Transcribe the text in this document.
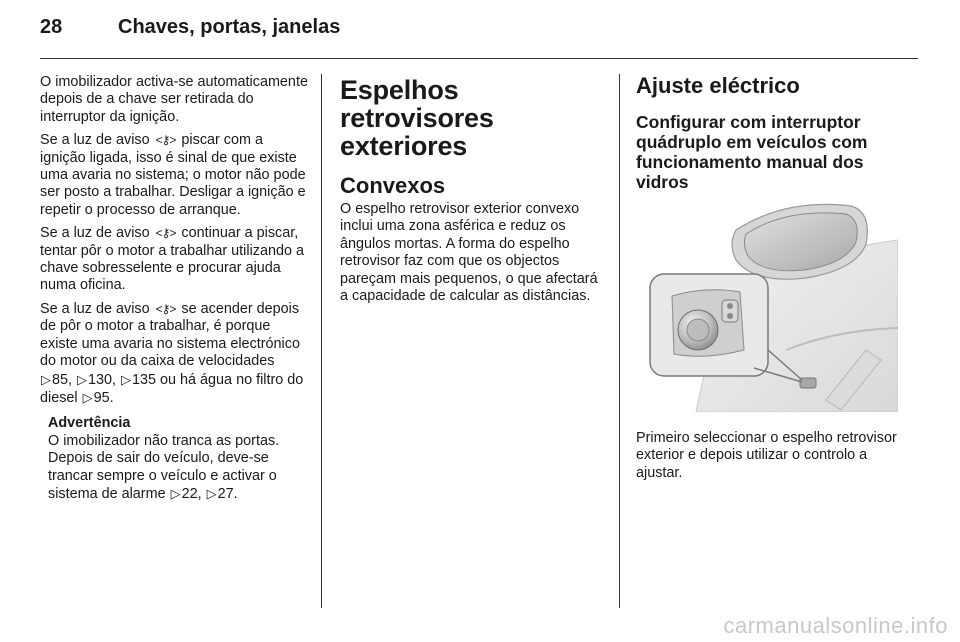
28	Chaves, portas, janelas

O imobilizador activa-se automaticamente depois de a chave ser retirada do interruptor da ignição.

Se a luz de aviso <⚷> piscar com a ignição ligada, isso é sinal de que existe uma avaria no sistema; o motor não pode ser posto a trabalhar. Desligar a ignição e repetir o processo de arranque.

Se a luz de aviso <⚷> continuar a piscar, tentar pôr o motor a trabalhar utilizando a chave sobresselente e procurar ajuda numa oficina.

Se a luz de aviso <⚷> se acender depois de pôr o motor a trabalhar, é porque existe uma avaria no sistema electrónico do motor ou da caixa de velocidades ▷85, ▷130, ▷135 ou há água no filtro do diesel ▷95.

Advertência
O imobilizador não tranca as portas. Depois de sair do veículo, deve-se trancar sempre o veículo e activar o sistema de alarme ▷22, ▷27.
Espelhos retrovisores exteriores
Convexos

O espelho retrovisor exterior convexo inclui uma zona asférica e reduz os ângulos mortas. A forma do espelho retrovisor faz com que os objectos pareçam mais pequenos, o que afectará a capacidade de calcular as distâncias.

Ajuste eléctrico
Configurar com interruptor quádruplo em veículos com funcionamento manual dos vidros

Primeiro seleccionar o espelho retrovisor exterior e depois utilizar o controlo a ajustar.

carmanualsonline.info
